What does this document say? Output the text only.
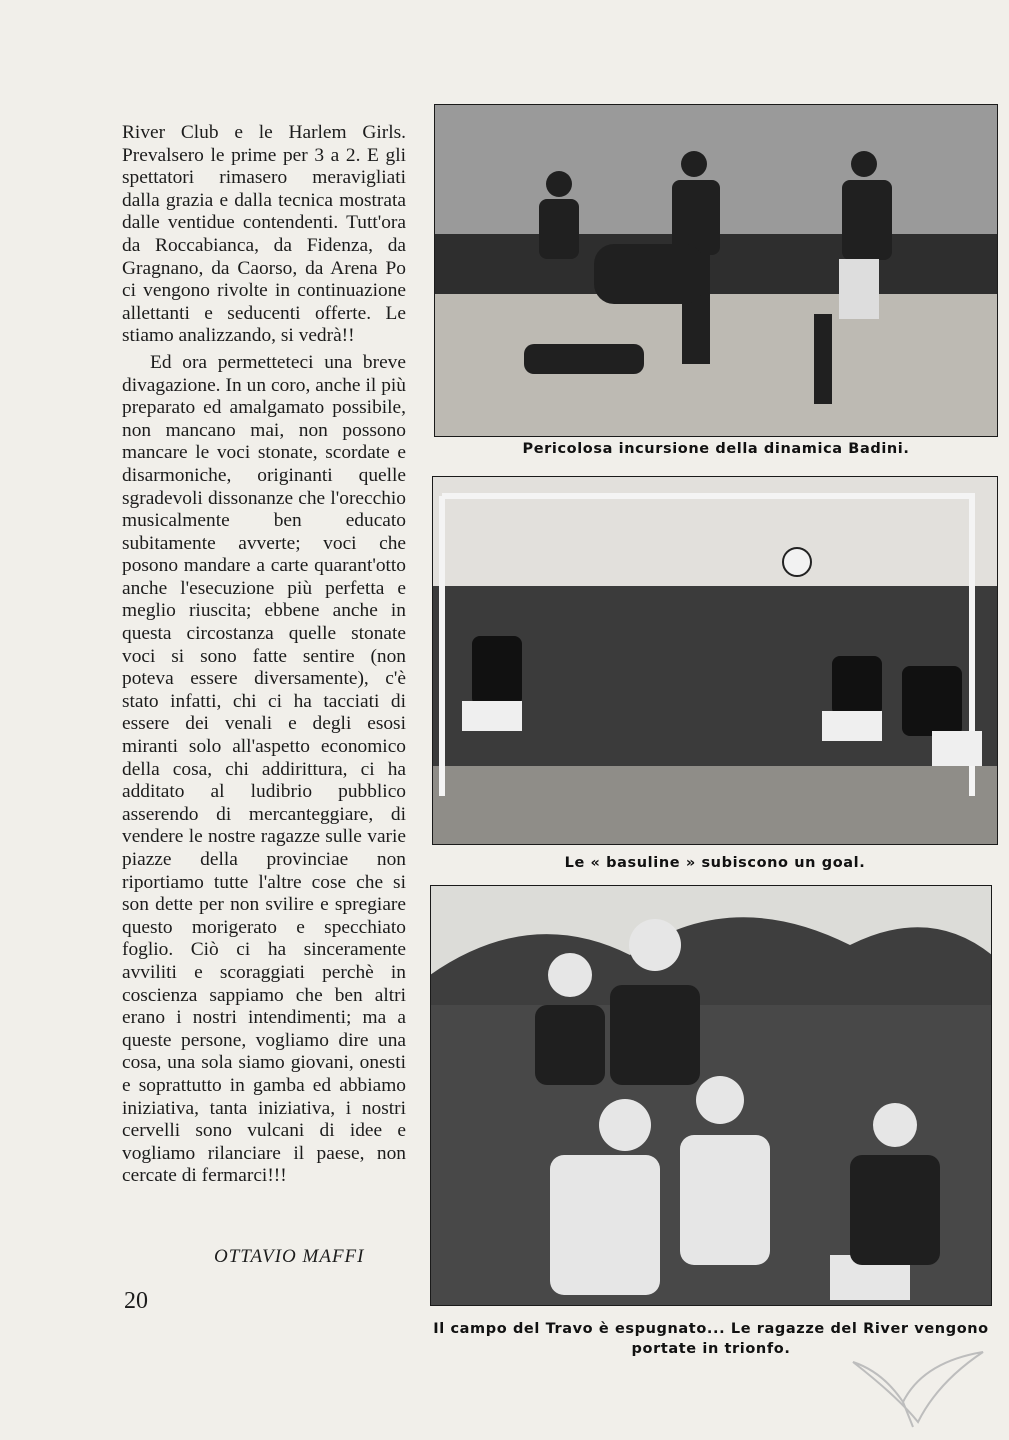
River Club e le Harlem Girls. Prevalsero le prime per 3 a 2. E gli spettatori rimasero meravigliati dalla grazia e dalla tecnica mostrata dalle ventidue contendenti. Tutt'ora da Roccabianca, da Fidenza, da Gragnano, da Caorso, da Arena Po ci vengono rivolte in continuazione allettanti e seducenti offerte. Le stiamo analizzando, si vedrà!!

Ed ora permetteteci una breve divagazione. In un coro, anche il più preparato ed amalgamato possibile, non mancano mai, non possono mancare le voci stonate, scordate e disarmoniche, originanti quelle sgradevoli dissonanze che l'orecchio musicalmente ben educato subitamente avverte; voci che posono mandare a carte quarant'otto anche l'esecuzione più perfetta e meglio riuscita; ebbene anche in questa circostanza quelle stonate voci si sono fatte sentire (non poteva essere diversamente), c'è stato infatti, chi ci ha tacciati di essere dei venali e degli esosi miranti solo all'aspetto economico della cosa, chi addirittura, ci ha additato al ludibrio pubblico asserendo di mercanteggiare, di vendere le nostre ragazze sulle varie piazze della provinciae non riportiamo tutte l'altre cose che si son dette per non svilire e spregiare questo morigerato e specchiato foglio. Ciò ci ha sinceramente avviliti e scoraggiati perchè in coscienza sappiamo che ben altri erano i nostri intendimenti; ma a queste persone, vogliamo dire una cosa, una sola siamo giovani, onesti e soprattutto in gamba ed abbiamo iniziativa, tanta iniziativa, i nostri cervelli sono vulcani di idee e vogliamo rilanciare il paese, non cercate di fermarci!!!

OTTAVIO MAFFI
20
Pericolosa incursione della dinamica Badini.
Le « basuline » subiscono un goal.
Il campo del Travo è espugnato... Le ragazze del River vengono portate in trionfo.
